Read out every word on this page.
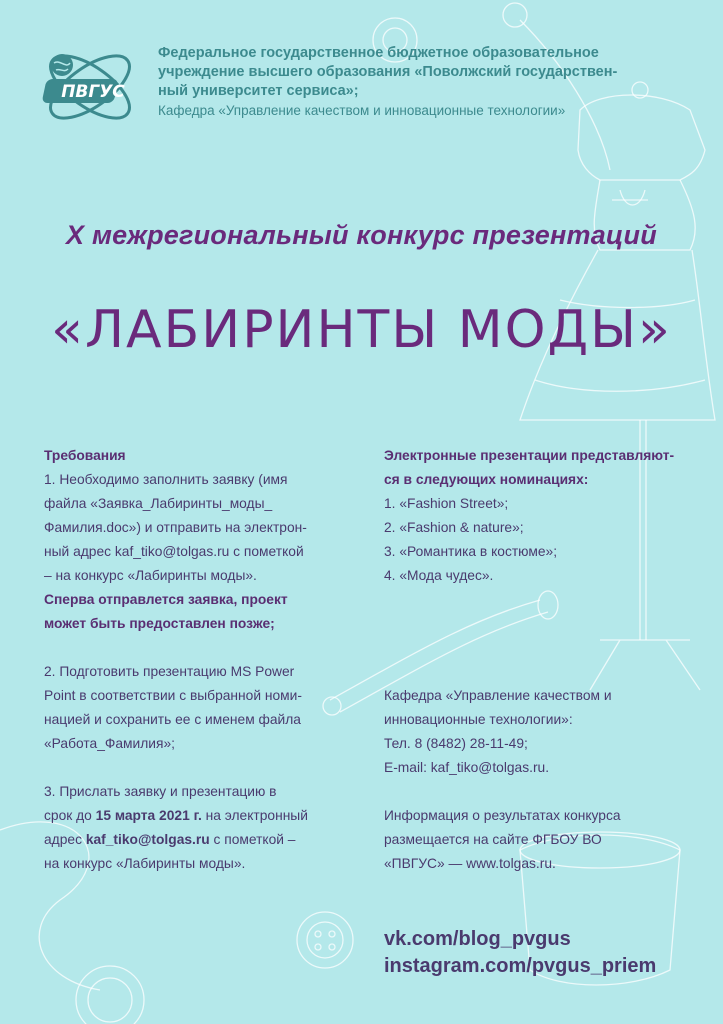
ПВГУС
Федеральное государственное бюджетное образовательное
учреждение высшего образования «Поволжский государствен-
ный университет сервиса»;
Кафедра «Управление качеством и инновационные технологии»
X межрегиональный конкурс презентаций
«ЛАБИРИНТЫ МОДЫ»
Требования
1. Необходимо заполнить заявку (имя
файла «Заявка_Лабиринты_моды_
Фамилия.doc») и отправить на электрон-
ный адрес kaf_tiko@tolgas.ru с пометкой
– на конкурс «Лабиринты моды».
Сперва отправлется заявка, проект
может быть предоставлен позже;
2. Подготовить презентацию MS Power
Point в соответствии с выбранной номи-
нацией и сохранить ее с именем файла
«Работа_Фамилия»;
3. Прислать заявку и презентацию в
срок до 15 марта 2021 г. на электронный
адрес kaf_tiko@tolgas.ru с пометкой –
на конкурс «Лабиринты моды».
Электронные презентации представляют-
ся в следующих номинациях:
1. «Fashion Street»;
2. «Fashion & nature»;
3. «Романтика в костюме»;
4. «Мода чудес».
Кафедра «Управление качеством и
инновационные технологии»:
Тел. 8 (8482) 28-11-49;
E-mail: kaf_tiko@tolgas.ru.
Информация о результатах конкурса
размещается на сайте ФГБОУ ВО
«ПВГУС» — www.tolgas.ru.
vk.com/blog_pvgus
instagram.com/pvgus_priem
